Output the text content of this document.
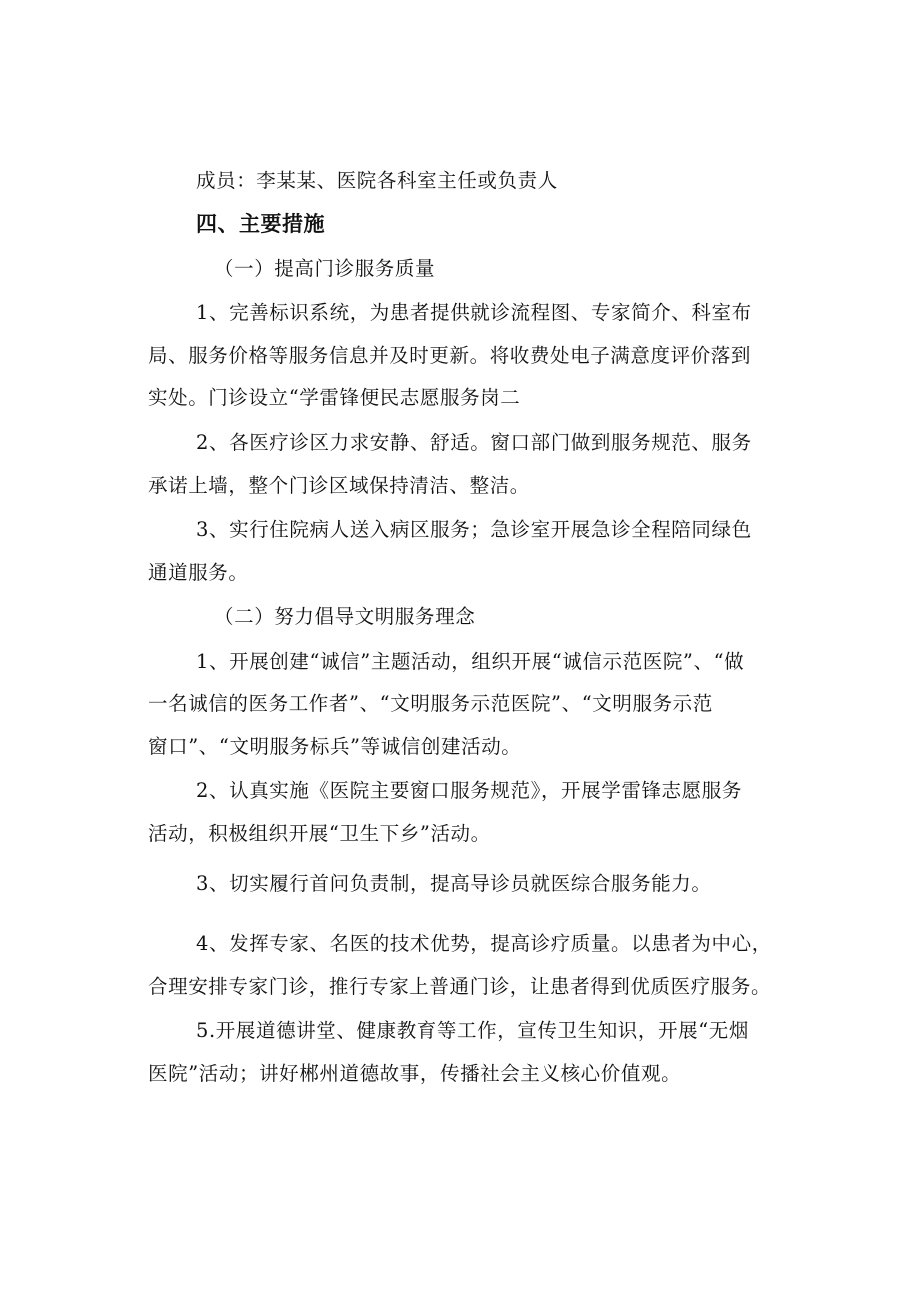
成员：李某某、医院各科室主任或负责人
四、主要措施
（一）提高门诊服务质量
1、完善标识系统，为患者提供就诊流程图、专家简介、科室布
局、服务价格等服务信息并及时更新。将收费处电子满意度评价落到
实处。门诊设立“学雷锋便民志愿服务岗二
2、各医疗诊区力求安静、舒适。窗口部门做到服务规范、服务
承诺上墙，整个门诊区域保持清洁、整洁。
3、实行住院病人送入病区服务；急诊室开展急诊全程陪同绿色
通道服务。
（二）努力倡导文明服务理念
1、开展创建“诚信”主题活动，组织开展“诚信示范医院”、“做
一名诚信的医务工作者”、“文明服务示范医院”、“文明服务示范
窗口”、“文明服务标兵”等诚信创建活动。
2、认真实施《医院主要窗口服务规范》，开展学雷锋志愿服务
活动，积极组织开展“卫生下乡”活动。
3、切实履行首问负责制，提高导诊员就医综合服务能力。
4、发挥专家、名医的技术优势，提高诊疗质量。以患者为中心，
合理安排专家门诊，推行专家上普通门诊，让患者得到优质医疗服务。
5.开展道德讲堂、健康教育等工作，宣传卫生知识，开展“无烟
医院”活动；讲好郴州道德故事，传播社会主义核心价值观。
